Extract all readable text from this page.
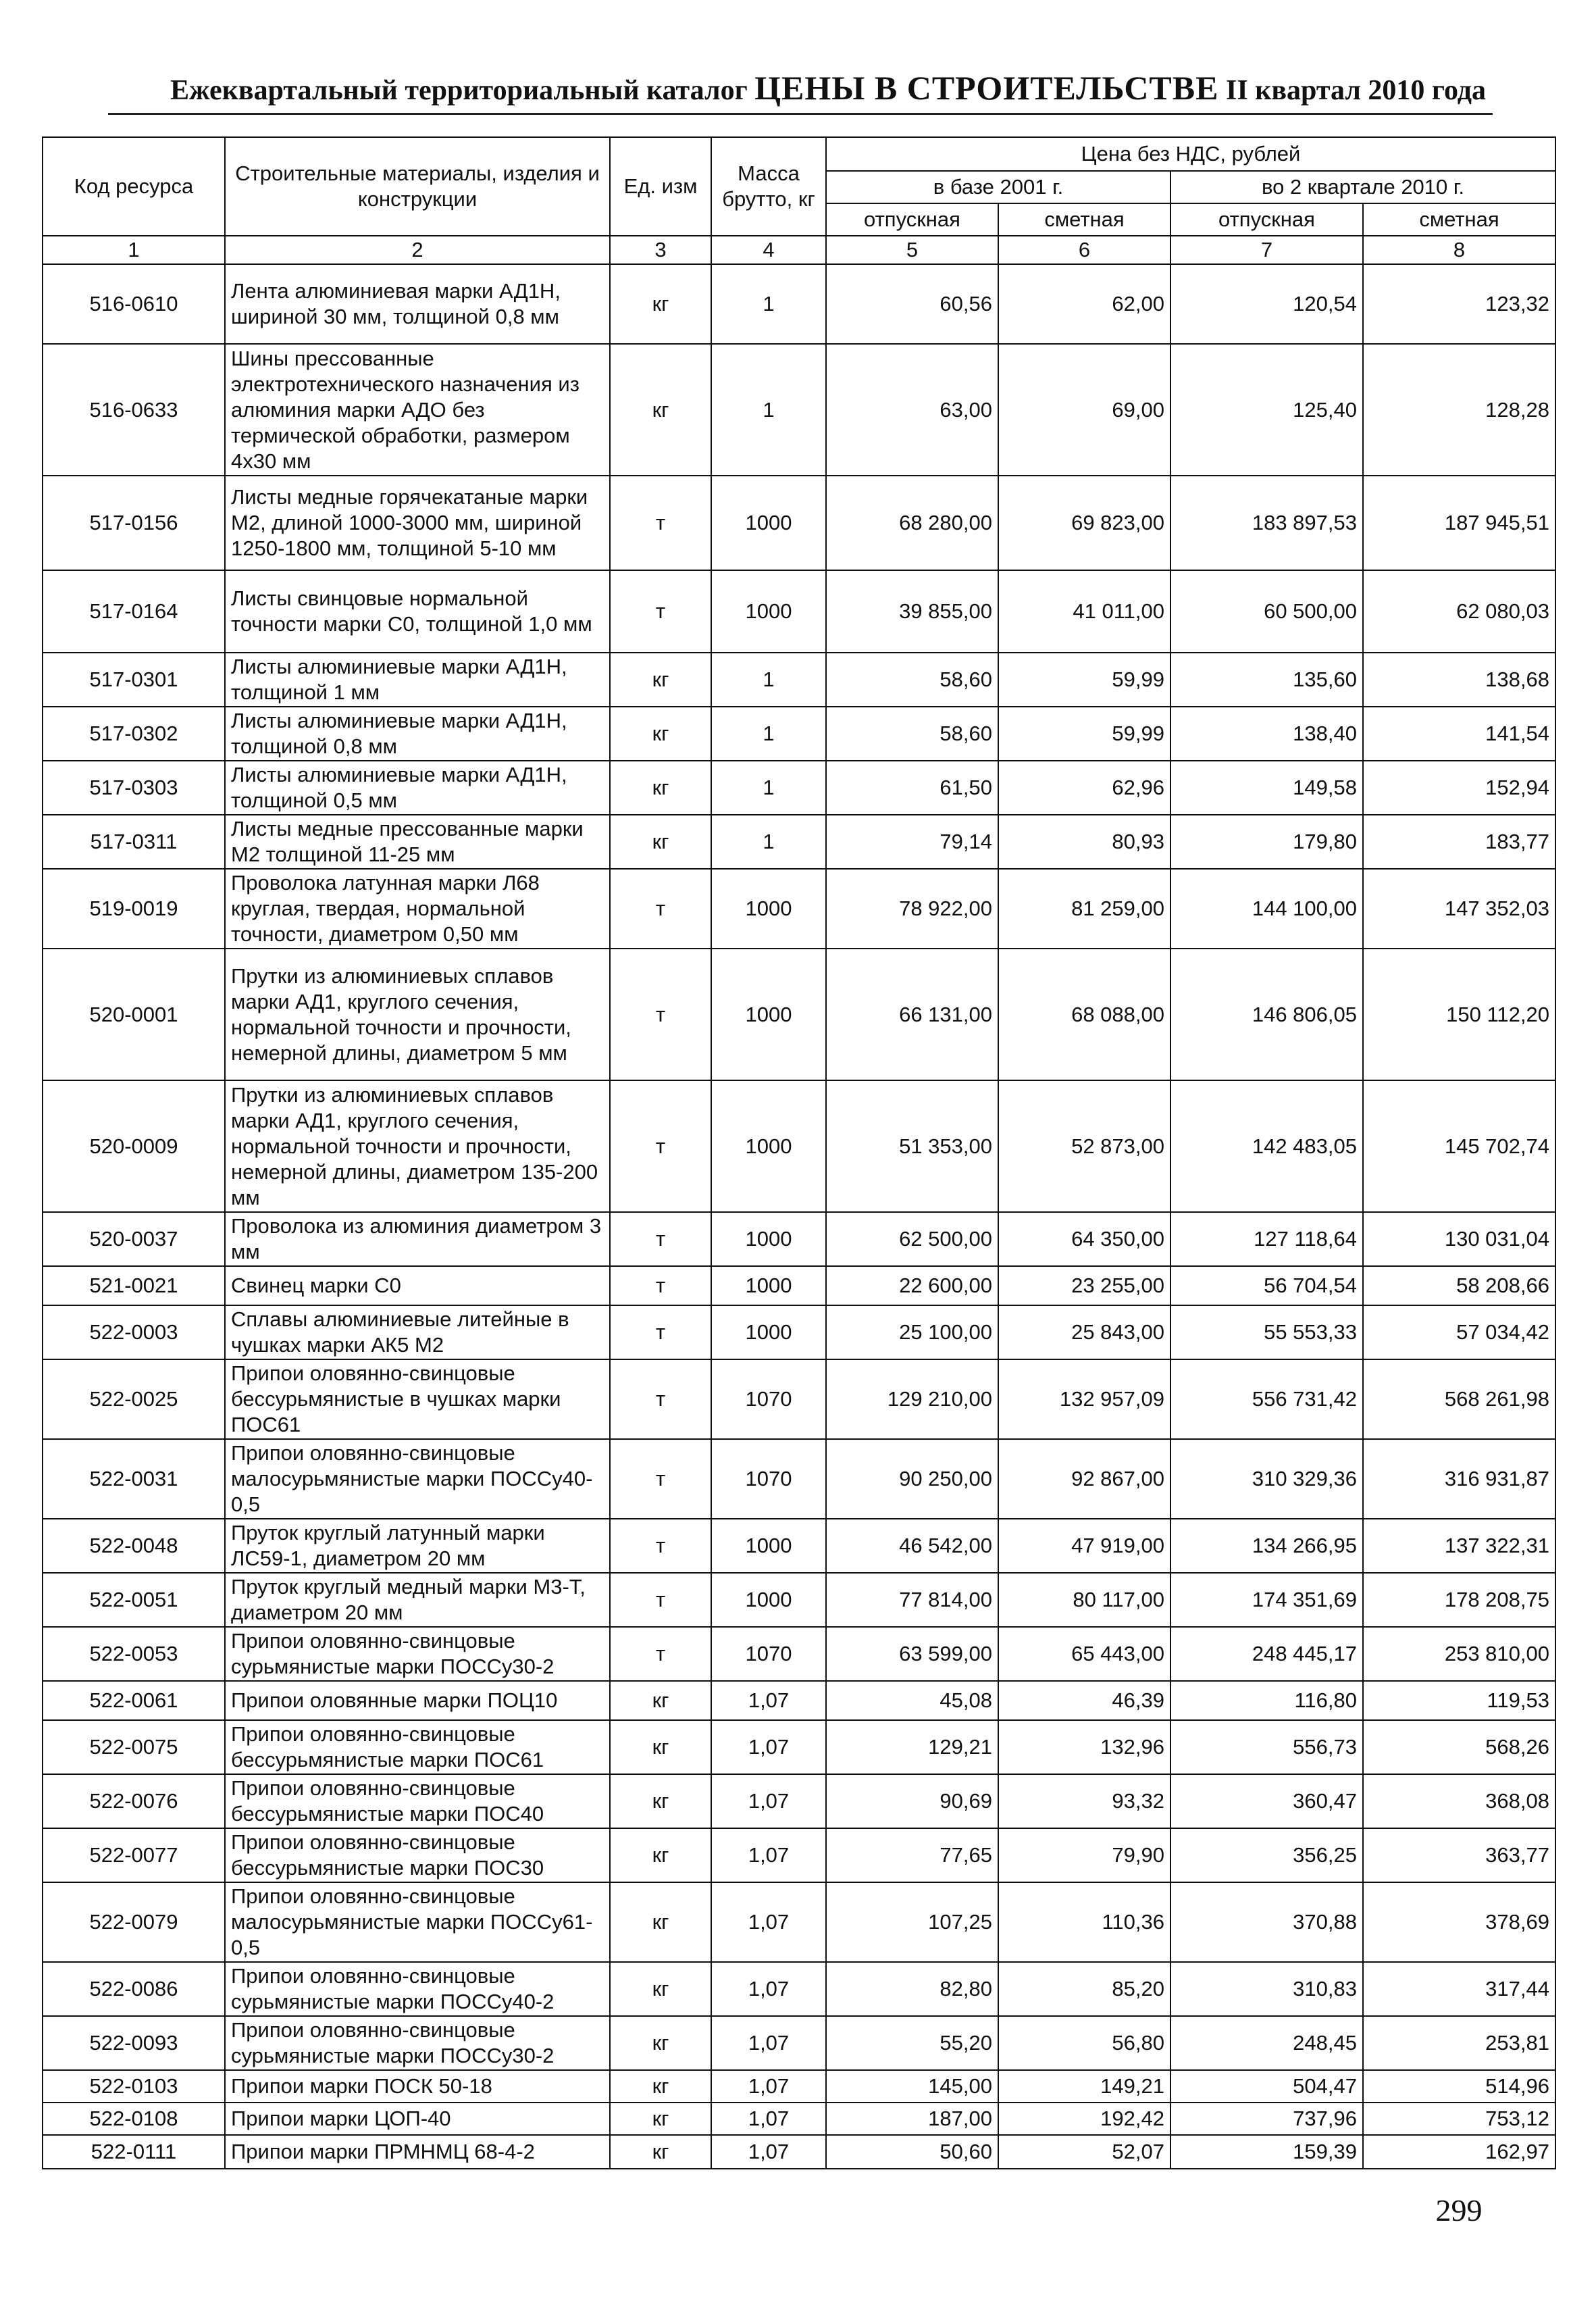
Ежеквартальный территориальный каталог ЦЕНЫ В СТРОИТЕЛЬСТВЕ II квартал 2010 года
Код ресурса	Строительные материалы, изделия и конструкции	Ед. изм	Масса брутто, кг	Цена без НДС, рублей			
				в базе 2001 г.		во 2 квартале 2010 г.	
				отпускная	сметная	отпускная	сметная
1	2	3	4	5	6	7	8
516-0610	Лента алюминиевая марки АД1Н, шириной 30 мм, толщиной 0,8 мм	кг	1	60,56	62,00	120,54	123,32
516-0633	Шины прессованные электротехнического назначения из алюминия марки АДО без термической обработки, размером 4х30 мм	кг	1	63,00	69,00	125,40	128,28
517-0156	Листы медные горячекатаные марки М2, длиной 1000-3000 мм, шириной 1250-1800 мм, толщиной 5-10 мм	т	1000	68 280,00	69 823,00	183 897,53	187 945,51
517-0164	Листы свинцовые нормальной точности марки С0, толщиной 1,0 мм	т	1000	39 855,00	41 011,00	60 500,00	62 080,03
517-0301	Листы алюминиевые марки АД1Н, толщиной 1 мм	кг	1	58,60	59,99	135,60	138,68
517-0302	Листы алюминиевые марки АД1Н, толщиной 0,8 мм	кг	1	58,60	59,99	138,40	141,54
517-0303	Листы алюминиевые марки АД1Н, толщиной 0,5 мм	кг	1	61,50	62,96	149,58	152,94
517-0311	Листы медные прессованные марки М2 толщиной 11-25 мм	кг	1	79,14	80,93	179,80	183,77
519-0019	Проволока латунная марки Л68 круглая, твердая, нормальной точности, диаметром 0,50 мм	т	1000	78 922,00	81 259,00	144 100,00	147 352,03
520-0001	Прутки из алюминиевых сплавов марки АД1, круглого сечения, нормальной точности и прочности, немерной длины, диаметром 5 мм	т	1000	66 131,00	68 088,00	146 806,05	150 112,20
520-0009	Прутки из алюминиевых сплавов марки АД1, круглого сечения, нормальной точности и прочности, немерной длины, диаметром 135-200 мм	т	1000	51 353,00	52 873,00	142 483,05	145 702,74
520-0037	Проволока из алюминия диаметром 3 мм	т	1000	62 500,00	64 350,00	127 118,64	130 031,04
521-0021	Свинец марки С0	т	1000	22 600,00	23 255,00	56 704,54	58 208,66
522-0003	Сплавы алюминиевые литейные в чушках марки АК5 М2	т	1000	25 100,00	25 843,00	55 553,33	57 034,42
522-0025	Припои оловянно-свинцовые бессурьмянистые в чушках марки ПОС61	т	1070	129 210,00	132 957,09	556 731,42	568 261,98
522-0031	Припои оловянно-свинцовые малосурьмянистые марки ПОССу40-0,5	т	1070	90 250,00	92 867,00	310 329,36	316 931,87
522-0048	Пруток круглый латунный марки ЛС59-1, диаметром 20 мм	т	1000	46 542,00	47 919,00	134 266,95	137 322,31
522-0051	Пруток круглый медный марки М3-Т, диаметром 20 мм	т	1000	77 814,00	80 117,00	174 351,69	178 208,75
522-0053	Припои оловянно-свинцовые сурьмянистые марки ПОССу30-2	т	1070	63 599,00	65 443,00	248 445,17	253 810,00
522-0061	Припои оловянные марки ПОЦ10	кг	1,07	45,08	46,39	116,80	119,53
522-0075	Припои оловянно-свинцовые бессурьмянистые марки ПОС61	кг	1,07	129,21	132,96	556,73	568,26
522-0076	Припои оловянно-свинцовые бессурьмянистые марки ПОС40	кг	1,07	90,69	93,32	360,47	368,08
522-0077	Припои оловянно-свинцовые бессурьмянистые марки ПОС30	кг	1,07	77,65	79,90	356,25	363,77
522-0079	Припои оловянно-свинцовые малосурьмянистые марки ПОССу61-0,5	кг	1,07	107,25	110,36	370,88	378,69
522-0086	Припои оловянно-свинцовые сурьмянистые марки ПОССу40-2	кг	1,07	82,80	85,20	310,83	317,44
522-0093	Припои оловянно-свинцовые сурьмянистые марки ПОССу30-2	кг	1,07	55,20	56,80	248,45	253,81
522-0103	Припои марки ПОСК 50-18	кг	1,07	145,00	149,21	504,47	514,96
522-0108	Припои марки ЦОП-40	кг	1,07	187,00	192,42	737,96	753,12
522-0111	Припои марки ПРМНМЦ 68-4-2	кг	1,07	50,60	52,07	159,39	162,97
299
